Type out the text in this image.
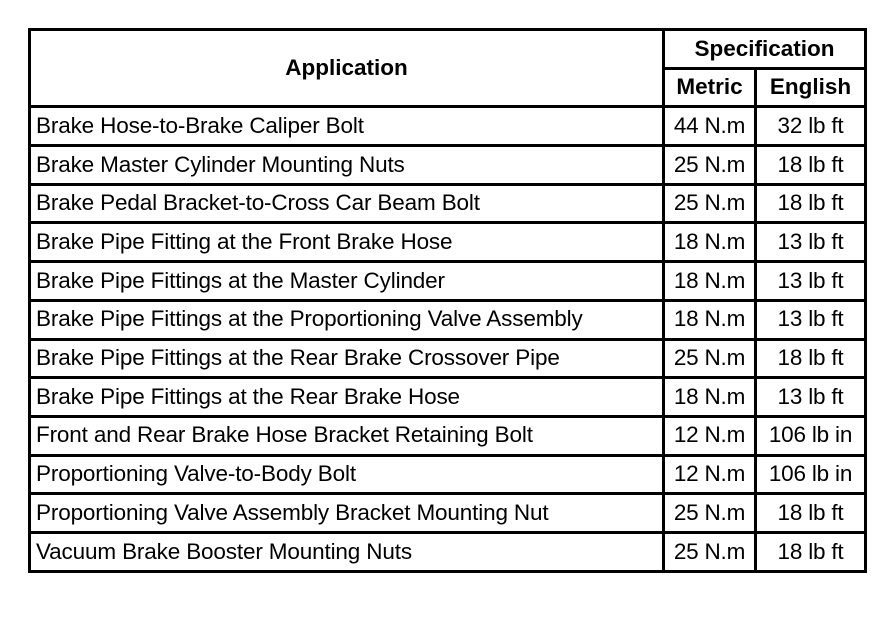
Application	Specification	
	Metric	English
Brake Hose-to-Brake Caliper Bolt	44 N.m	32 lb ft
Brake Master Cylinder Mounting Nuts	25 N.m	18 lb ft
Brake Pedal Bracket-to-Cross Car Beam Bolt	25 N.m	18 lb ft
Brake Pipe Fitting at the Front Brake Hose	18 N.m	13 lb ft
Brake Pipe Fittings at the Master Cylinder	18 N.m	13 lb ft
Brake Pipe Fittings at the Proportioning Valve Assembly	18 N.m	13 lb ft
Brake Pipe Fittings at the Rear Brake Crossover Pipe	25 N.m	18 lb ft
Brake Pipe Fittings at the Rear Brake Hose	18 N.m	13 lb ft
Front and Rear Brake Hose Bracket Retaining Bolt	12 N.m	106 lb in
Proportioning Valve-to-Body Bolt	12 N.m	106 lb in
Proportioning Valve Assembly Bracket Mounting Nut	25 N.m	18 lb ft
Vacuum Brake Booster Mounting Nuts	25 N.m	18 lb ft
